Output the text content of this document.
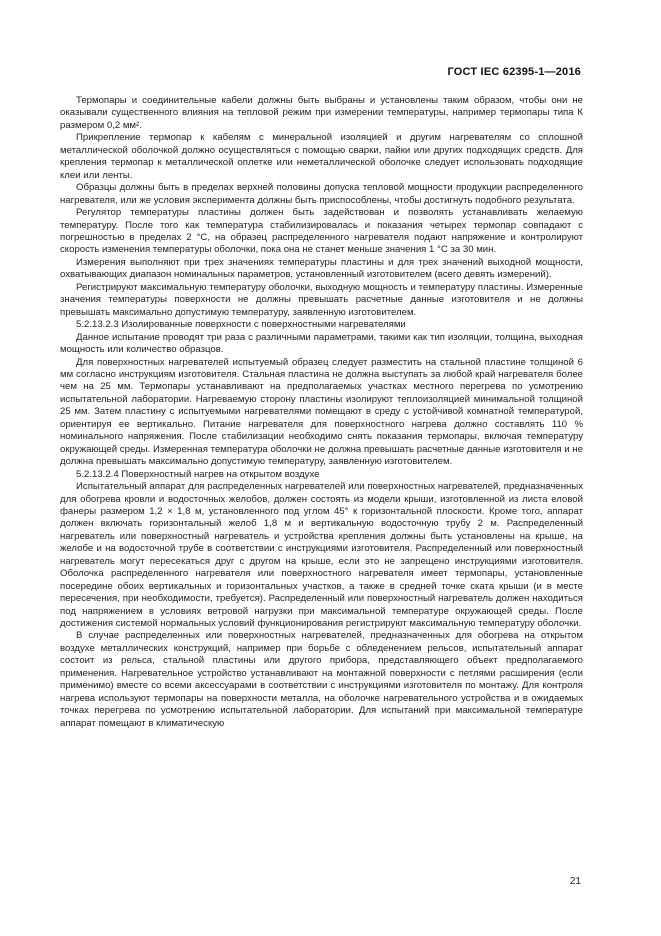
ГОСТ IEC 62395-1—2016

Термопары и соединительные кабели должны быть выбраны и установлены таким образом, чтобы они не оказывали существенного влияния на тепловой режим при измерении температуры, например термопары типа К размером 0,2 мм².

Прикрепление термопар к кабелям с минеральной изоляцией и другим нагревателям со сплошной металлической оболочкой должно осуществляться с помощью сварки, пайки или других подходящих средств. Для крепления термопар к металлической оплетке или неметаллической оболочке следует использовать подходящие клеи или ленты.

Образцы должны быть в пределах верхней половины допуска тепловой мощности продукции распределенного нагревателя, или же условия эксперимента должны быть приспособлены, чтобы достигнуть подобного результата.

Регулятор температуры пластины должен быть задействован и позволять устанавливать желаемую температуру. После того как температура стабилизировалась и показания четырех термопар совпадают с погрешностью в пределах 2 °C, на образец распределенного нагревателя подают напряжение и контролируют скорость изменения температуры оболочки, пока она не станет меньше значения 1 °C за 30 мин.

Измерения выполняют при трех значениях температуры пластины и для трех значений выходной мощности, охватывающих диапазон номинальных параметров, установленный изготовителем (всего девять измерений).

Регистрируют максимальную температуру оболочки, выходную мощность и температуру пластины. Измеренные значения температуры поверхности не должны превышать расчетные данные изготовителя и не должны превышать максимально допустимую температуру, заявленную изготовителем.

5.2.13.2.3 Изолированные поверхности с поверхностными нагревателями

Данное испытание проводят три раза с различными параметрами, такими как тип изоляции, толщина, выходная мощность или количество образцов.

Для поверхностных нагревателей испытуемый образец следует разместить на стальной пластине толщиной 6 мм согласно инструкциям изготовителя. Стальная пластина не должна выступать за любой край нагревателя более чем на 25 мм. Термопары устанавливают на предполагаемых участках местного перегрева по усмотрению испытательной лаборатории. Нагреваемую сторону пластины изолируют теплоизоляцией минимальной толщиной 25 мм. Затем пластину с испытуемыми нагревателями помещают в среду с устойчивой комнатной температурой, ориентируя ее вертикально. Питание нагревателя для поверхностного нагрева должно составлять 110 % номинального напряжения. После стабилизации необходимо снять показания термопары, включая температуру окружающей среды. Измеренная температура оболочки не должна превышать расчетные данные изготовителя и не должна превышать максимально допустимую температуру, заявленную изготовителем.

5.2.13.2.4 Поверхностный нагрев на открытом воздухе

Испытательный аппарат для распределенных нагревателей или поверхностных нагревателей, предназначенных для обогрева кровли и водосточных желобов, должен состоять из модели крыши, изготовленной из листа еловой фанеры размером 1,2 × 1,8 м, установленного под углом 45° к горизонтальной плоскости. Кроме того, аппарат должен включать горизонтальный желоб 1,8 м и вертикальную водосточную трубу 2 м. Распределенный нагреватель или поверхностный нагреватель и устройства крепления должны быть установлены на крыше, на желобе и на водосточной трубе в соответствии с инструкциями изготовителя. Распределенный или поверхностный нагреватель могут пересекаться друг с другом на крыше, если это не запрещено инструкциями изготовителя. Оболочка распределенного нагревателя или поверхностного нагревателя имеет термопары, установленные посередине обоих вертикальных и горизонтальных участков, а также в средней точке ската крыши (и в месте пересечения, при необходимости, требуется). Распределенный или поверхностный нагреватель должен находиться под напряжением в условиях ветровой нагрузки при максимальной температуре окружающей среды. После достижения системой нормальных условий функционирования регистрируют максимальную температуру оболочки.

В случае распределенных или поверхностных нагревателей, предназначенных для обогрева на открытом воздухе металлических конструкций, например при борьбе с обледенением рельсов, испытательный аппарат состоит из рельса, стальной пластины или другого прибора, представляющего объект предполагаемого применения. Нагревательное устройство устанавливают на монтажной поверхности с петлями расширения (если применимо) вместе со всеми аксессуарами в соответствии с инструкциями изготовителя по монтажу. Для контроля нагрева используют термопары на поверхности металла, на оболочке нагревательного устройства и в ожидаемых точках перегрева по усмотрению испытательной лаборатории. Для испытаний при максимальной температуре аппарат помещают в климатическую

21
